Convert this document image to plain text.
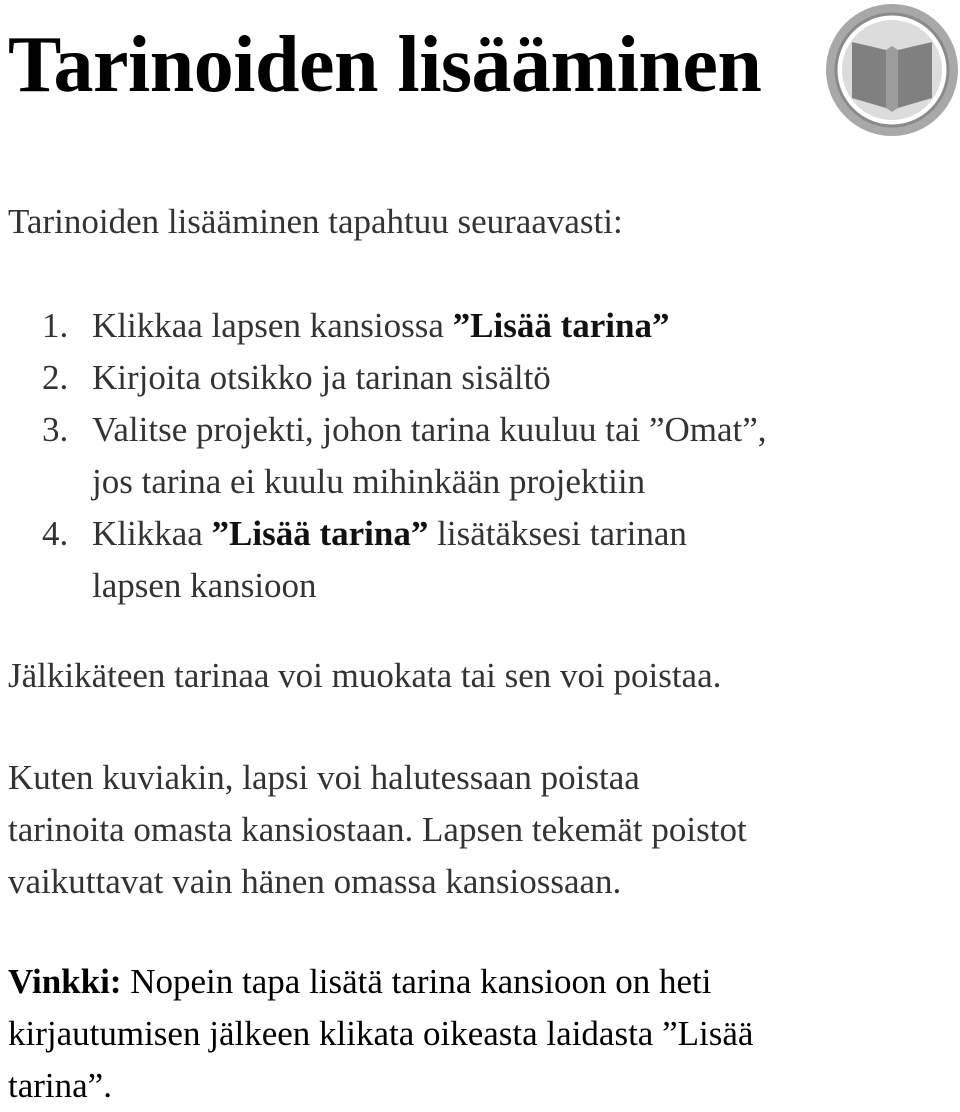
Tarinoiden lisääminen

Tarinoiden lisääminen tapahtuu seuraavasti:

1. Klikkaa lapsen kansiossa ”Lisää tarina”
2. Kirjoita otsikko ja tarinan sisältö
3. Valitse projekti, johon tarina kuuluu tai ”Omat”,
jos tarina ei kuulu mihinkään projektiin
4. Klikkaa ”Lisää tarina” lisätäksesi tarinan
lapsen kansioon

Jälkikäteen tarinaa voi muokata tai sen voi poistaa.

Kuten kuviakin, lapsi voi halutessaan poistaa
tarinoita omasta kansiostaan. Lapsen tekemät poistot
vaikuttavat vain hänen omassa kansiossaan.

Vinkki: Nopein tapa lisätä tarina kansioon on heti
kirjautumisen jälkeen klikata oikeasta laidasta ”Lisää
tarina”.
